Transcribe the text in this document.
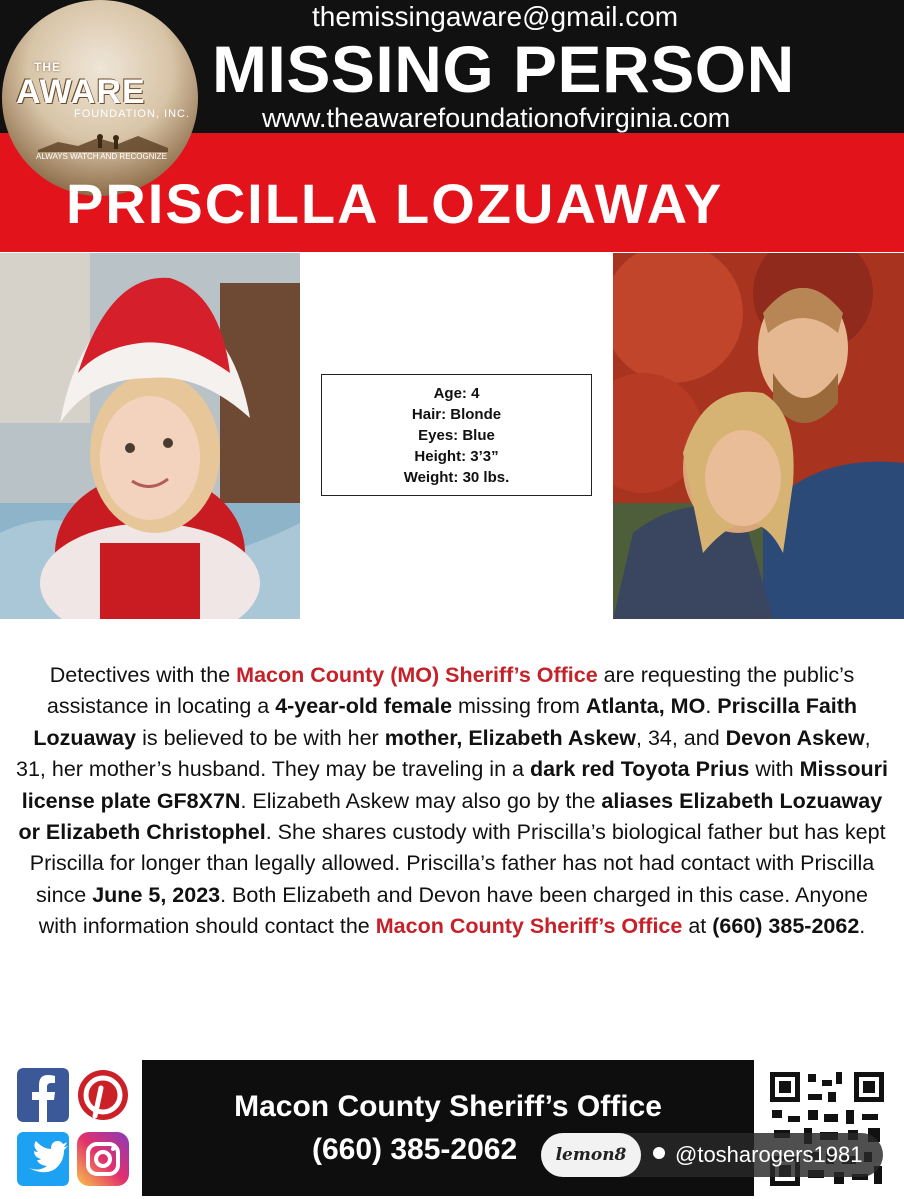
THE
AWARE
FOUNDATION, INC.
ALWAYS WATCH AND RECOGNIZE
themissingaware@gmail.com
MISSING PERSON
www.theawarefoundationofvirginia.com
PRISCILLA LOZUAWAY
Age: 4
Hair: Blonde
Eyes: Blue
Height: 3’3”
Weight: 30 lbs.
Detectives with the Macon County (MO) Sheriff’s Office are requesting the public’s assistance in locating a 4-year-old female missing from Atlanta, MO. Priscilla Faith Lozuaway is believed to be with her mother, Elizabeth Askew, 34, and Devon Askew, 31, her mother’s husband. They may be traveling in a dark red Toyota Prius with Missouri license plate GF8X7N. Elizabeth Askew may also go by the aliases Elizabeth Lozuaway or Elizabeth Christophel. She shares custody with Priscilla’s biological father but has kept Priscilla for longer than legally allowed. Priscilla’s father has not had contact with Priscilla since June 5, 2023. Both Elizabeth and Devon have been charged in this case. Anyone with information should contact the Macon County Sheriff’s Office at (660) 385-2062.
Macon County Sheriff’s Office
(660) 385-2062	lemon8	@tosharogers1981
